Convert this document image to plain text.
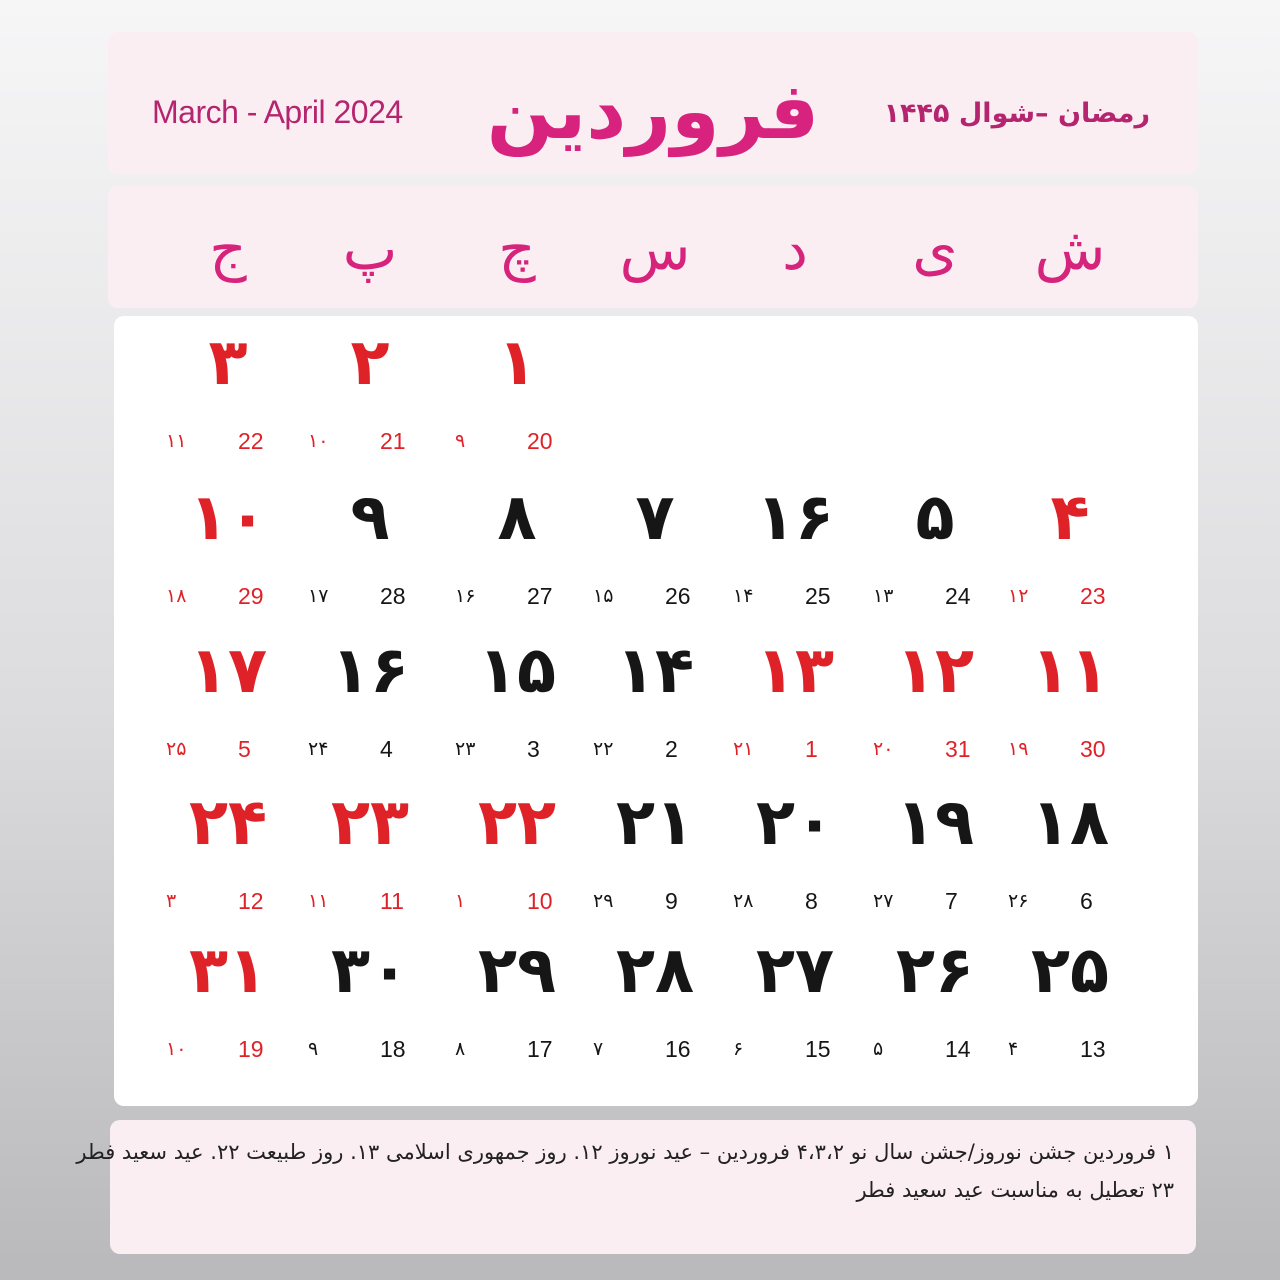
March - April 2024	فروردین	رمضان –شوال ۱۴۴۵
ش
ی
د
س
چ
پ
ج
۱
20
۹
۲
21
۱۰
۳
22
۱۱
۴
23
۱۲
۵
24
۱۳
۱۶
25
۱۴
۷
26
۱۵
۸
27
۱۶
۹
28
۱۷
۱۰
29
۱۸
۱۱
30
۱۹
۱۲
31
۲۰
۱۳
1
۲۱
۱۴
2
۲۲
۱۵
3
۲۳
۱۶
4
۲۴
۱۷
5
۲۵
۱۸
6
۲۶
۱۹
7
۲۷
۲۰
8
۲۸
۲۱
9
۲۹
۲۲
10
۱
۲۳
11
۱۱
۲۴
12
۳
۲۵
13
۴
۲۶
14
۵
۲۷
15
۶
۲۸
16
۷
۲۹
17
۸
۳۰
18
۹
۳۱
19
۱۰
۱ فروردین جشن نوروز/جشن سال نو ۴،۳،۲ فروردین – عید نوروز ۱۲. روز جمهوری اسلامی ۱۳. روز طبیعت ۲۲. عید سعید فطر
۲۳ تعطیل به مناسبت عید سعید فطر
